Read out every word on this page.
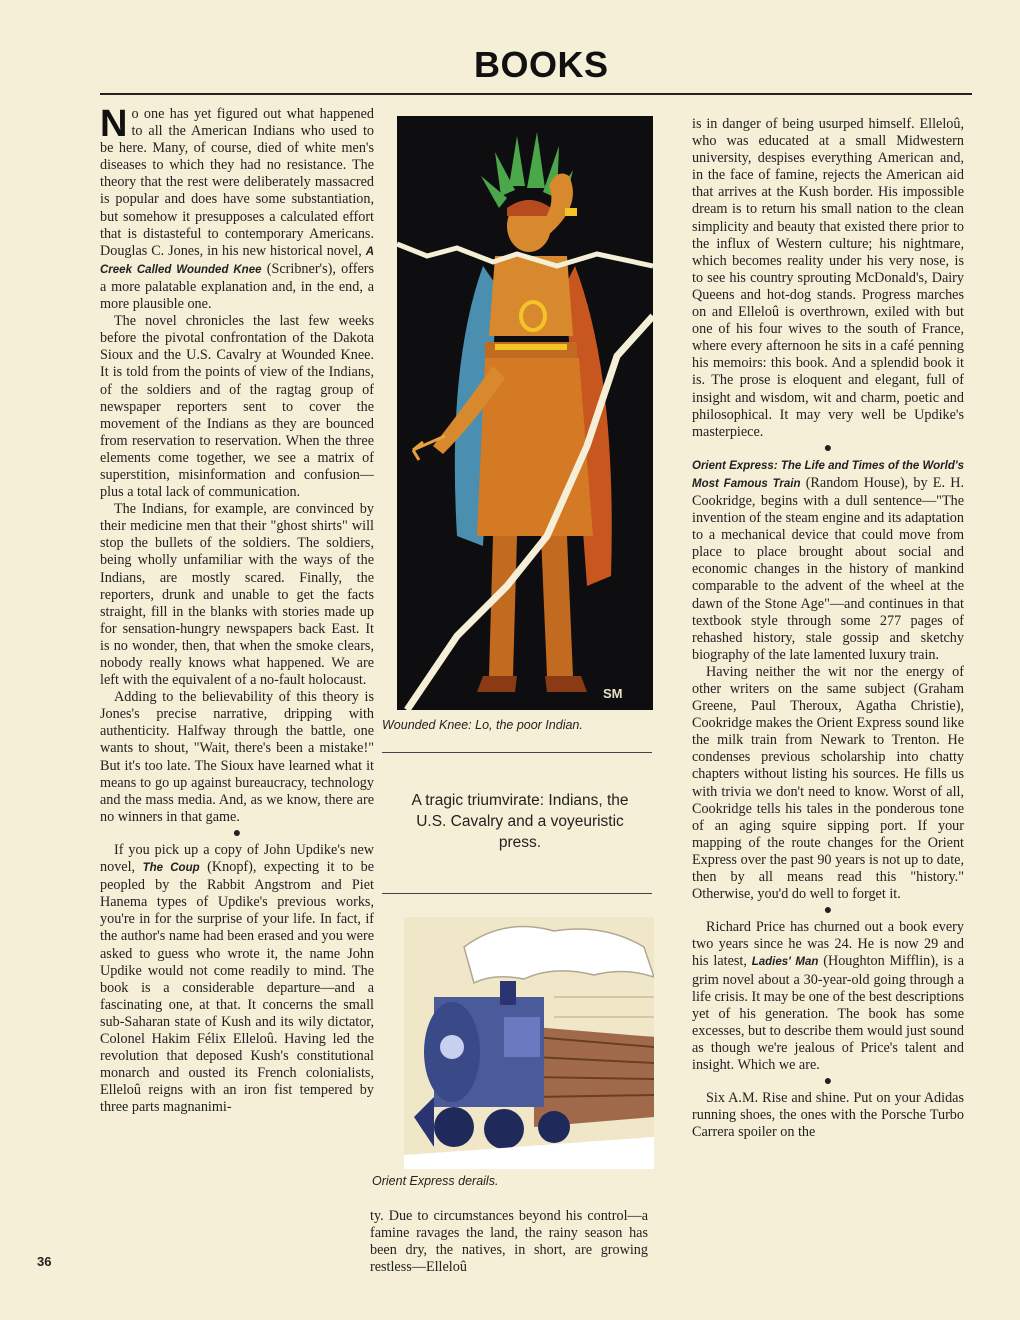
BOOKS

No one has yet figured out what happened to all the American Indians who used to be here. Many, of course, died of white men's diseases to which they had no resistance. The theory that the rest were deliberately massacred is popular and does have some substantiation, but somehow it presupposes a calculated effort that is distasteful to contemporary Americans. Douglas C. Jones, in his new historical novel, A Creek Called Wounded Knee (Scribner's), offers a more palatable explanation and, in the end, a more plausible one.

The novel chronicles the last few weeks before the pivotal confrontation of the Dakota Sioux and the U.S. Cavalry at Wounded Knee. It is told from the points of view of the Indians, of the soldiers and of the ragtag group of newspaper reporters sent to cover the movement of the Indians as they are bounced from reservation to reservation. When the three elements come together, we see a matrix of superstition, misinformation and confusion—plus a total lack of communication.

The Indians, for example, are convinced by their medicine men that their "ghost shirts" will stop the bullets of the soldiers. The soldiers, being wholly unfamiliar with the ways of the Indians, are mostly scared. Finally, the reporters, drunk and unable to get the facts straight, fill in the blanks with stories made up for sensation-hungry newspapers back East. It is no wonder, then, that when the smoke clears, nobody really knows what happened. We are left with the equivalent of a no-fault holocaust.

Adding to the believability of this theory is Jones's precise narrative, dripping with authenticity. Halfway through the battle, one wants to shout, "Wait, there's been a mistake!" But it's too late. The Sioux have learned what it means to go up against bureaucracy, technology and the mass media. And, as we know, there are no winners in that game.

●

If you pick up a copy of John Updike's new novel, The Coup (Knopf), expecting it to be peopled by the Rabbit Angstrom and Piet Hanema types of Updike's previous works, you're in for the surprise of your life. In fact, if the author's name had been erased and you were asked to guess who wrote it, the name John Updike would not come readily to mind. The book is a considerable departure—and a fascinating one, at that. It concerns the small sub-Saharan state of Kush and its wily dictator, Colonel Hakim Félix Elleloû. Having led the revolution that deposed Kush's constitutional monarch and ousted its French colonialists, Elleloû reigns with an iron fist tempered by three parts magnanimi-

SM
Wounded Knee: Lo, the poor Indian.
A tragic triumvirate: Indians, the U.S. Cavalry and a voyeuristic press.
Orient Express derails.

ty. Due to circumstances beyond his control—a famine ravages the land, the rainy season has been dry, the natives, in short, are growing restless—Elleloû

is in danger of being usurped himself. Elleloû, who was educated at a small Midwestern university, despises everything American and, in the face of famine, rejects the American aid that arrives at the Kush border. His impossible dream is to return his small nation to the clean simplicity and beauty that existed there prior to the influx of Western culture; his nightmare, which becomes reality under his very nose, is to see his country sprouting McDonald's, Dairy Queens and hot-dog stands. Progress marches on and Elleloû is overthrown, exiled with but one of his four wives to the south of France, where every afternoon he sits in a café penning his memoirs: this book. And a splendid book it is. The prose is eloquent and elegant, full of insight and wisdom, wit and charm, poetic and philosophical. It may very well be Updike's masterpiece.

●

Orient Express: The Life and Times of the World's Most Famous Train (Random House), by E. H. Cookridge, begins with a dull sentence—"The invention of the steam engine and its adaptation to a mechanical device that could move from place to place brought about social and economic changes in the history of mankind comparable to the advent of the wheel at the dawn of the Stone Age"—and continues in that textbook style through some 277 pages of rehashed history, stale gossip and sketchy biography of the late lamented luxury train.

Having neither the wit nor the energy of other writers on the same subject (Graham Greene, Paul Theroux, Agatha Christie), Cookridge makes the Orient Express sound like the milk train from Newark to Trenton. He condenses previous scholarship into chatty chapters without listing his sources. He fills us with trivia we don't need to know. Worst of all, Cookridge tells his tales in the ponderous tone of an aging squire sipping port. If your mapping of the route changes for the Orient Express over the past 90 years is not up to date, then by all means read this "history." Otherwise, you'd do well to forget it.

●

Richard Price has churned out a book every two years since he was 24. He is now 29 and his latest, Ladies' Man (Houghton Mifflin), is a grim novel about a 30-year-old going through a life crisis. It may be one of the best descriptions yet of his generation. The book has some excesses, but to describe them would just sound as though we're jealous of Price's talent and insight. Which we are.

●

Six A.M. Rise and shine. Put on your Adidas running shoes, the ones with the Porsche Turbo Carrera spoiler on the

36
